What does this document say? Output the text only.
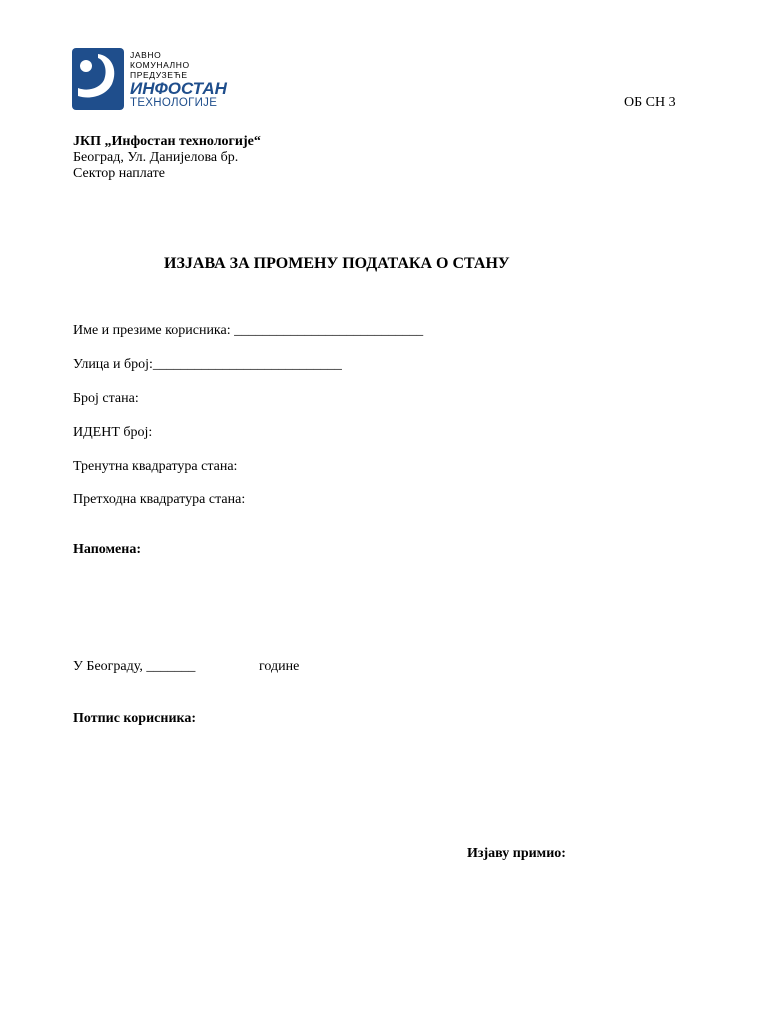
ЈАВНО
КОМУНАЛНО
ПРЕДУЗЕЋЕ
ИНФОСТАН
ТЕХНОЛОГИЈЕ	ОБ СН 3
ЈКП „Инфостан технологије“
Београд, Ул. Данијелова бр.
Сектор наплате
ИЗЈАВА ЗА ПРОМЕНУ ПОДАТАКА О СТАНУ
Име и презиме корисника: ___________________________
Улица и број:___________________________
Број стана:
ИДЕНТ број:
Тренутна квадратура стана:
Претходна квадратура стана:
Напомена:
У Београду, _______	године
Потпис корисника:
Изјаву примио:
